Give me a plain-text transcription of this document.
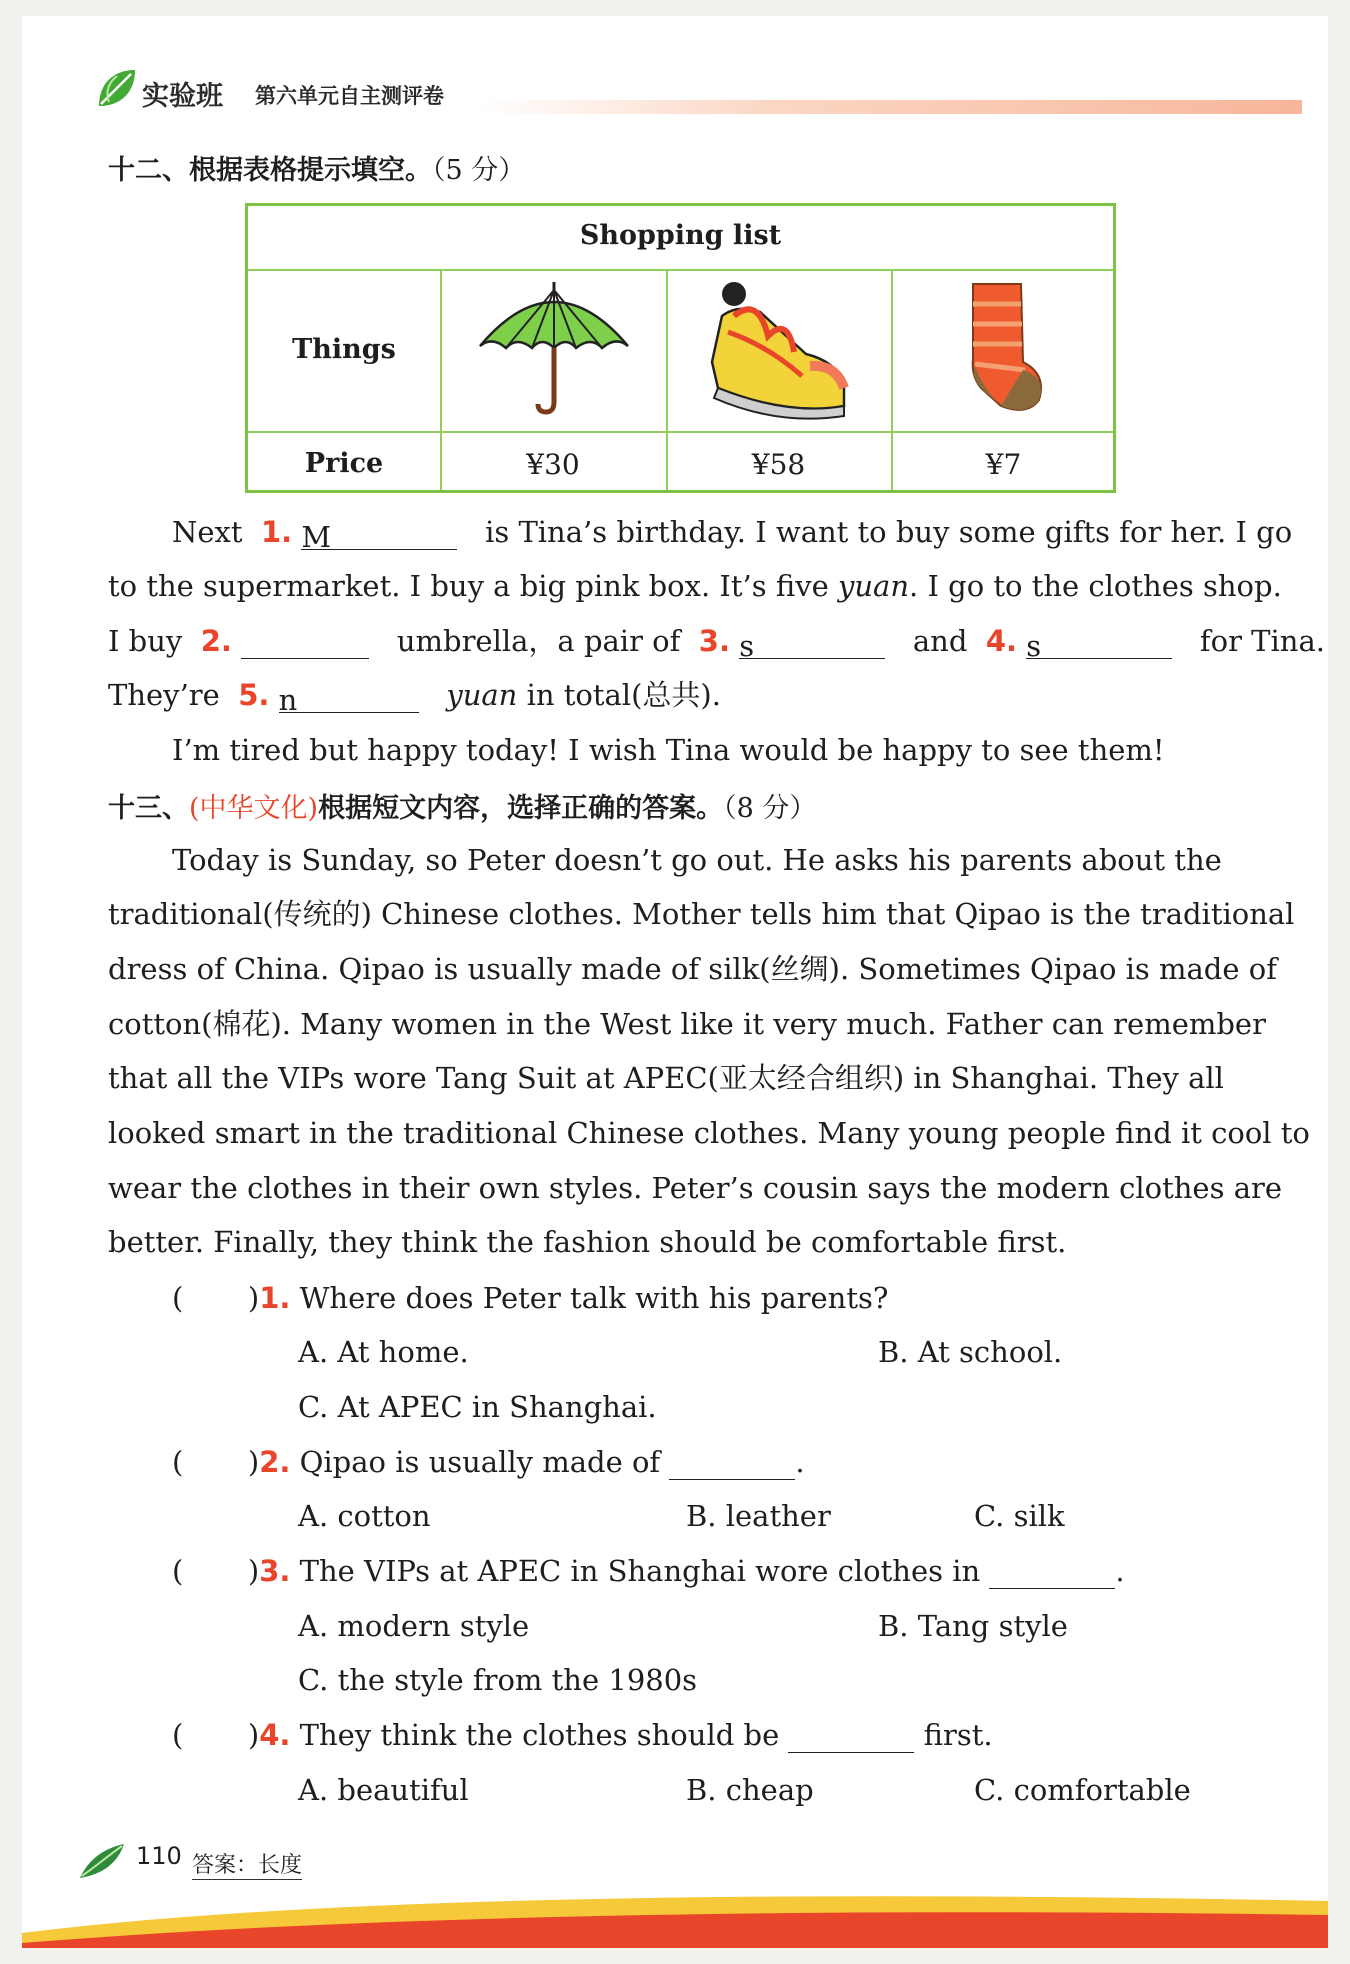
实验班 第六单元自主测评卷
十二、根据表格提示填空。（5 分）
Shopping list
Things
Price	¥30	¥58	¥7
Next 1. M	is Tina’s birthday. I want to buy some gifts for her. I go
to the supermarket. I buy a big pink box. It’s five yuan. I go to the clothes shop.
I buy 2.	umbrella，a pair of 3. s	and 4. s	for Tina.
They’re 5. n	yuan in total(总共).
I’m tired but happy today! I wish Tina would be happy to see them!
十三、(中华文化)根据短文内容，选择正确的答案。（8 分）
Today is Sunday, so Peter doesn’t go out. He asks his parents about the
traditional(传统的) Chinese clothes. Mother tells him that Qipao is the traditional
dress of China. Qipao is usually made of silk(丝绸). Sometimes Qipao is made of
cotton(棉花). Many women in the West like it very much. Father can remember
that all the VIPs wore Tang Suit at APEC(亚太经合组织) in Shanghai. They all
looked smart in the traditional Chinese clothes. Many young people find it cool to
wear the clothes in their own styles. Peter’s cousin says the modern clothes are
better. Finally, they think the fashion should be comfortable first.
( )1. Where does Peter talk with his parents?
A. At home.	B. At school.
C. At APEC in Shanghai.
( )2. Qipao is usually made of	.
A. cotton	B. leather	C. silk
( )3. The VIPs at APEC in Shanghai wore clothes in	.
A. modern style	B. Tang style
C. the style from the 1980s
( )4. They think the clothes should be	first.
A. beautiful	B. cheap	C. comfortable
110 答案：长度
